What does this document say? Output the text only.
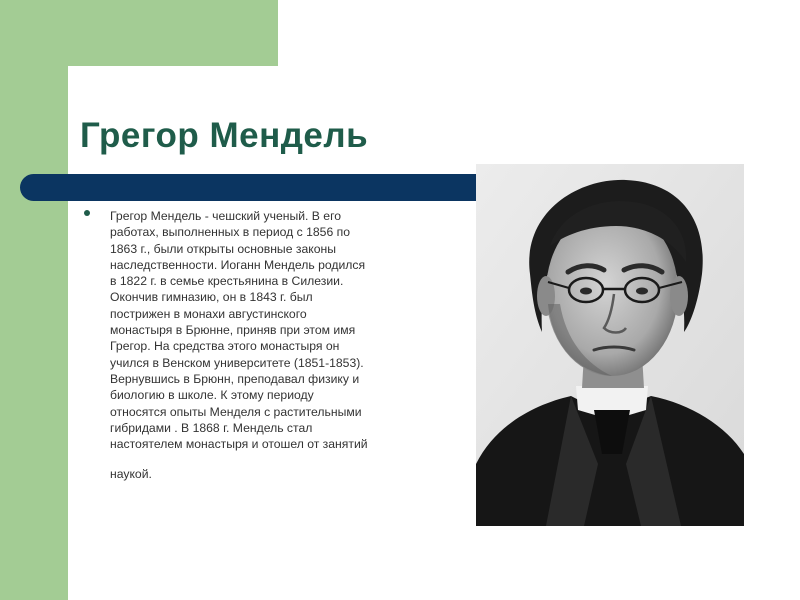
Грегор Мендель

Грегор Мендель - чешский ученый. В его
работах, выполненных в период с 1856 по
1863 г., были открыты основные законы
наследственности. Иоганн Мендель родился
в 1822 г. в семье крестьянина в Силезии.
Окончив гимназию, он в 1843 г. был
пострижен в монахи августинского
монастыря в Брюнне, приняв при этом имя
Грегор. На средства этого монастыря он
учился в Венском университете (1851-1853).
Вернувшись в Брюнн, преподавал физику и
биологию в школе. К этому периоду
относятся опыты Менделя с растительными
гибридами . В 1868 г. Мендель стал
настоятелем монастыря и отошел от занятий
наукой.
